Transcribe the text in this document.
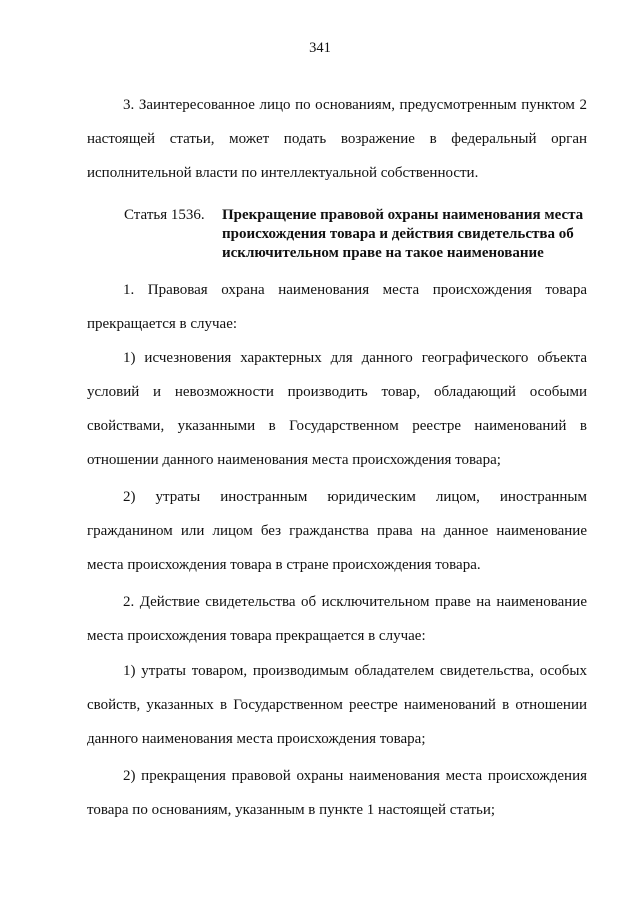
341

3. Заинтересованное лицо по основаниям, предусмотренным пунктом 2 настоящей статьи, может подать возражение в федеральный орган исполнительной власти по интеллектуальной собственности.

Статья 1536. Прекращение правовой охраны наименования места происхождения товара и действия свидетельства об исключительном праве на такое наименование

1. Правовая охрана наименования места происхождения товара прекращается в случае:

1) исчезновения характерных для данного географического объекта условий и невозможности производить товар, обладающий особыми свойствами, указанными в Государственном реестре наименований в отношении данного наименования места происхождения товара;

2) утраты иностранным юридическим лицом, иностранным гражданином или лицом без гражданства права на данное наименование места происхождения товара в стране происхождения товара.

2. Действие свидетельства об исключительном праве на наименование места происхождения товара прекращается в случае:

1) утраты товаром, производимым обладателем свидетельства, особых свойств, указанных в Государственном реестре наименований в отношении данного наименования места происхождения товара;

2) прекращения правовой охраны наименования места происхождения товара по основаниям, указанным в пункте 1 настоящей статьи;
